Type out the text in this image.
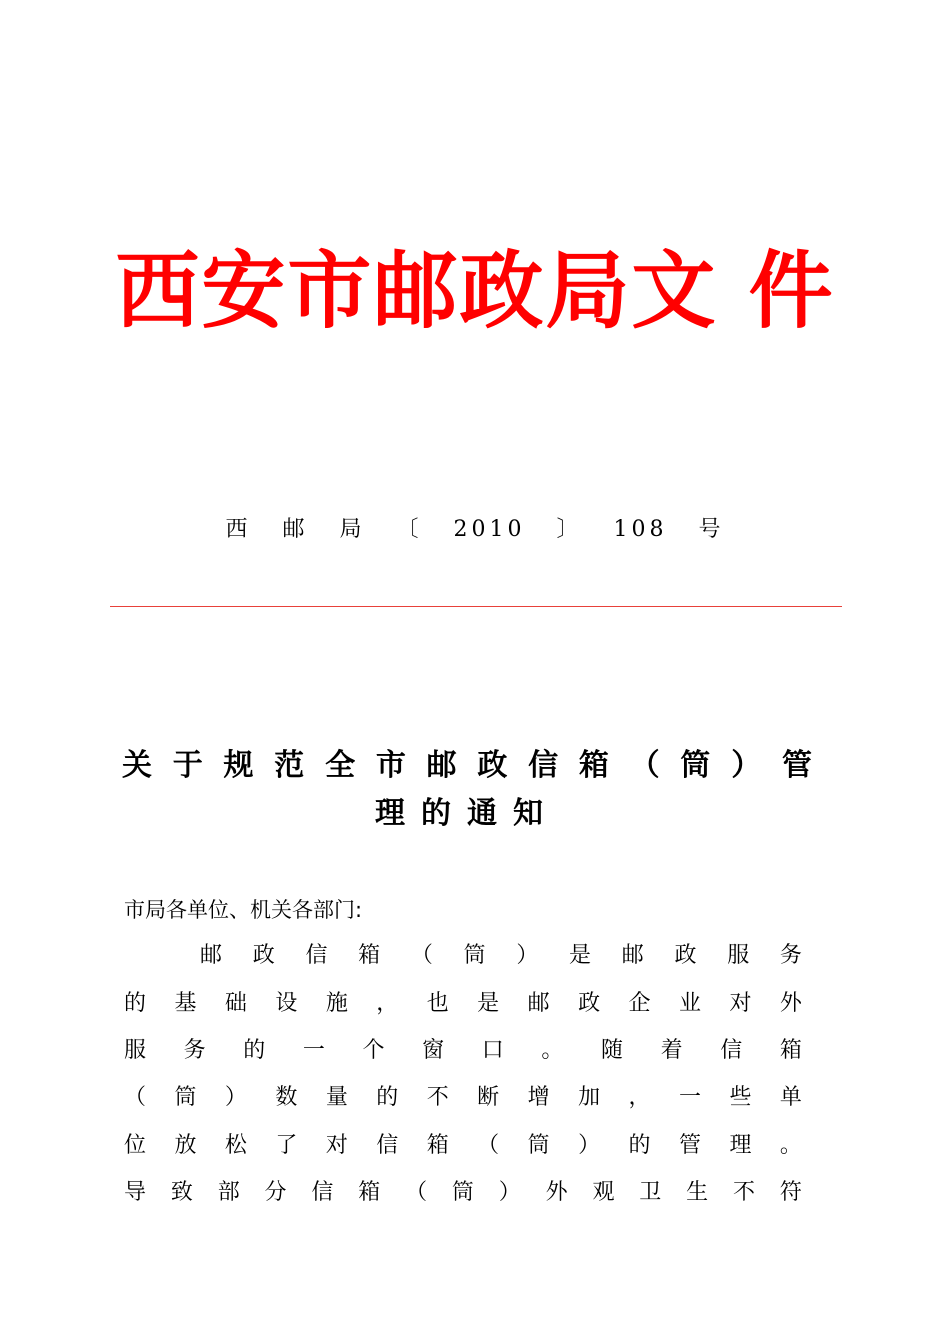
西安市邮政局文 件
西 邮 局 〔 2010 〕 108 号
关 于 规 范 全 市 邮 政 信 箱 （ 筒 ） 管
理的通知
市局各单位、机关各部门:
邮 政 信 箱 （ 筒 ） 是 邮 政 服 务
的 基 础 设 施 ， 也 是 邮 政 企 业 对 外
服 务 的 一 个 窗 口 。 随 着 信 箱
（ 筒 ） 数 量 的 不 断 增 加 ， 一 些 单
位 放 松 了 对 信 箱 （ 筒 ） 的 管 理 。
导 致 部 分 信 箱 （ 筒 ） 外 观 卫 生 不 符
